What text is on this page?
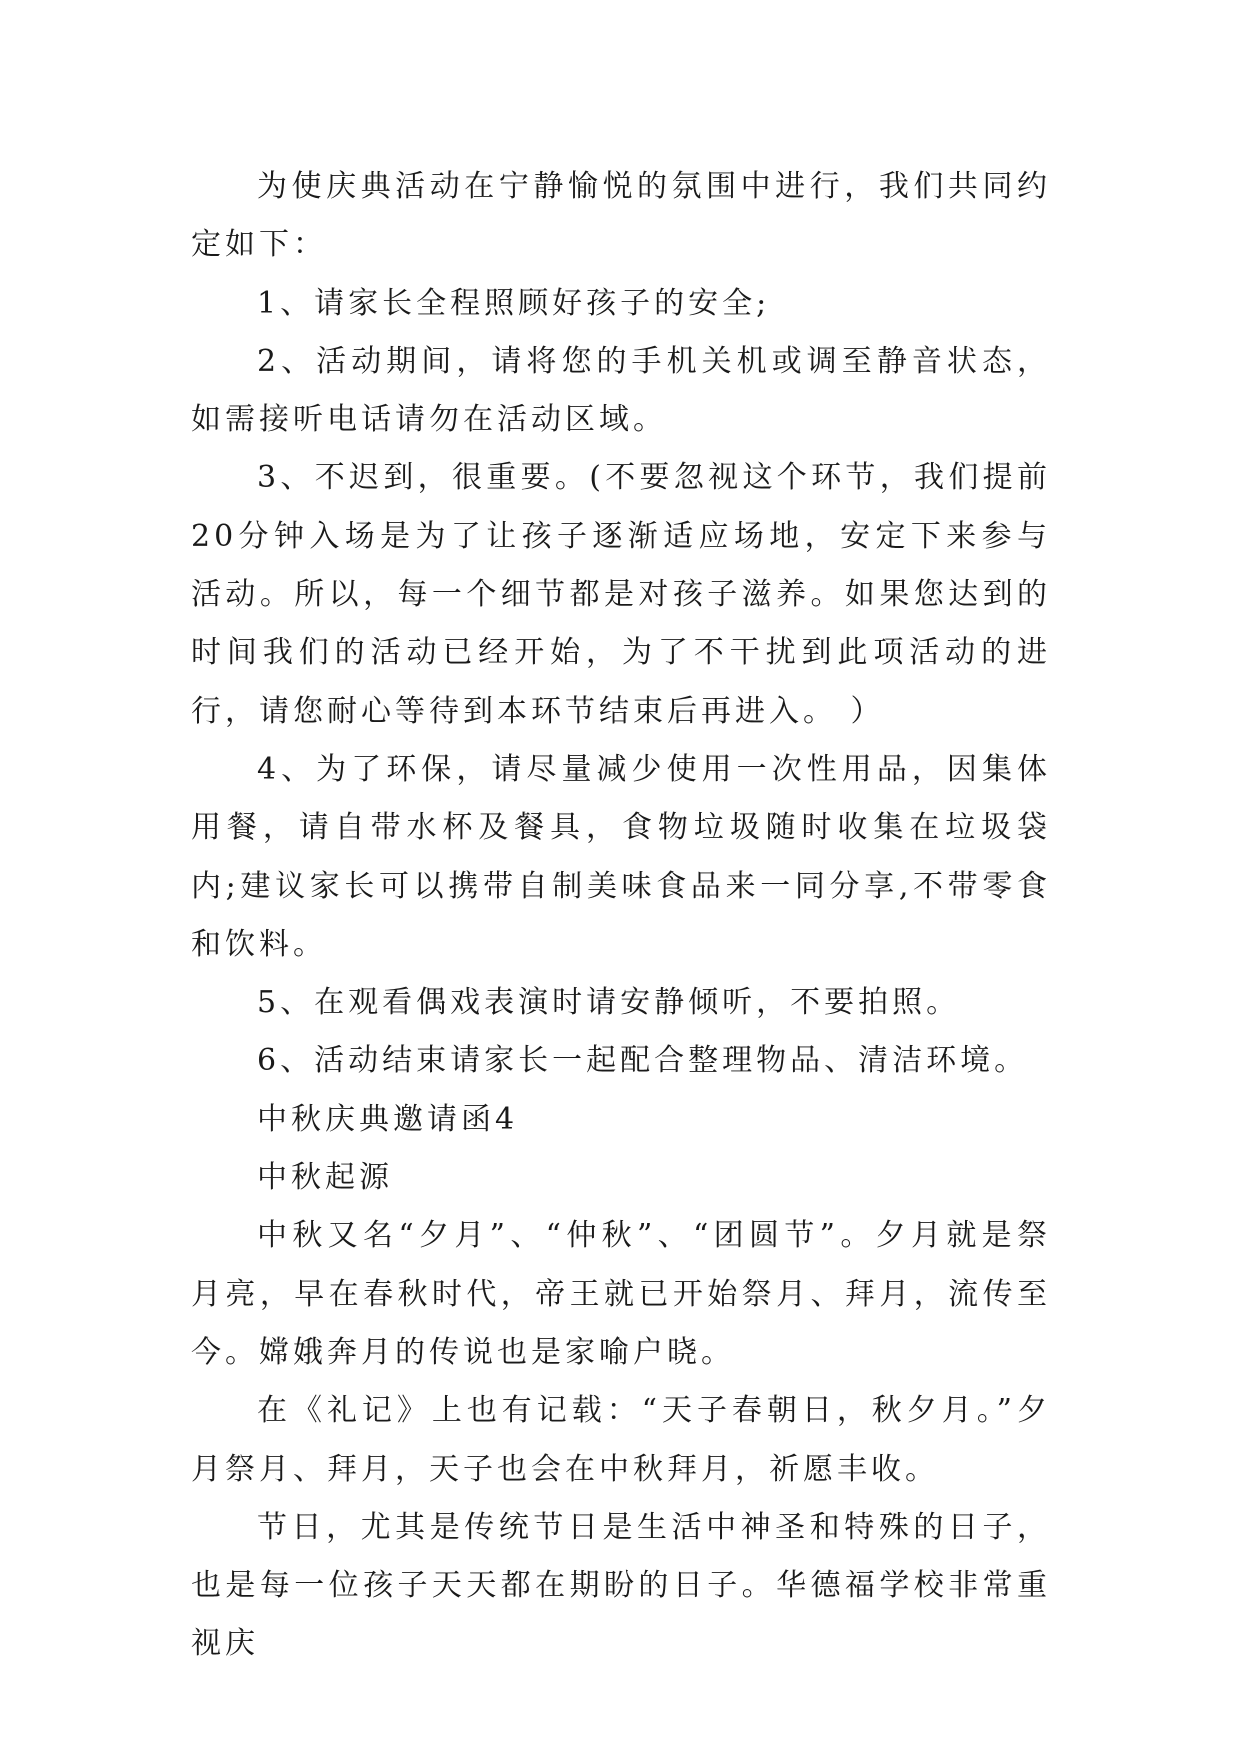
为使庆典活动在宁静愉悦的氛围中进行，我们共同约定如下：

1、请家长全程照顾好孩子的安全;

2、活动期间，请将您的手机关机或调至静音状态，如需接听电话请勿在活动区域。

3、不迟到，很重要。(不要忽视这个环节，我们提前20分钟入场是为了让孩子逐渐适应场地，安定下来参与活动。所以，每一个细节都是对孩子滋养。如果您达到的时间我们的活动已经开始，为了不干扰到此项活动的进行，请您耐心等待到本环节结束后再进入。 ）

4、为了环保，请尽量减少使用一次性用品，因集体用餐，请自带水杯及餐具，食物垃圾随时收集在垃圾袋内;建议家长可以携带自制美味食品来一同分享,不带零食和饮料。

5、在观看偶戏表演时请安静倾听，不要拍照。

6、活动结束请家长一起配合整理物品、清洁环境。

中秋庆典邀请函4

中秋起源

中秋又名“夕月”、“仲秋”、“团圆节”。夕月就是祭月亮，早在春秋时代，帝王就已开始祭月、拜月，流传至今。嫦娥奔月的传说也是家喻户晓。

在《礼记》上也有记载：“天子春朝日，秋夕月。”夕月祭月、拜月，天子也会在中秋拜月，祈愿丰收。

节日，尤其是传统节日是生活中神圣和特殊的日子，也是每一位孩子天天都在期盼的日子。华德福学校非常重视庆
